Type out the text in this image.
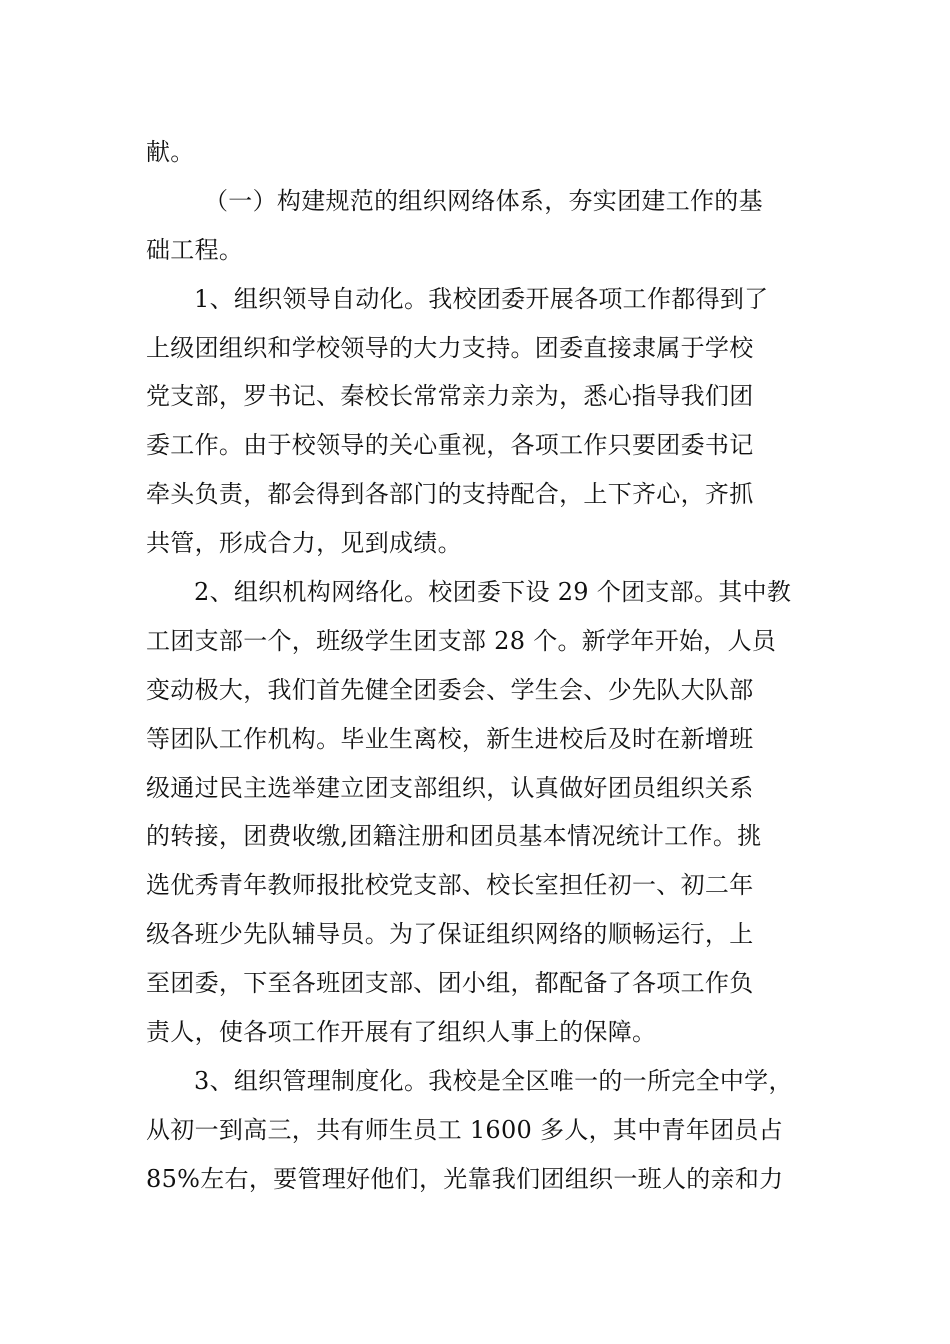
献。
（一）构建规范的组织网络体系，夯实团建工作的基
础工程。
1、组织领导自动化。我校团委开展各项工作都得到了
上级团组织和学校领导的大力支持。团委直接隶属于学校
党支部，罗书记、秦校长常常亲力亲为，悉心指导我们团
委工作。由于校领导的关心重视，各项工作只要团委书记
牵头负责，都会得到各部门的支持配合，上下齐心，齐抓
共管，形成合力，见到成绩。
2、组织机构网络化。校团委下设 29 个团支部。其中教
工团支部一个，班级学生团支部 28 个。新学年开始，人员
变动极大，我们首先健全团委会、学生会、少先队大队部
等团队工作机构。毕业生离校，新生进校后及时在新增班
级通过民主选举建立团支部组织，认真做好团员组织关系
的转接，团费收缴,团籍注册和团员基本情况统计工作。挑
选优秀青年教师报批校党支部、校长室担任初一、初二年
级各班少先队辅导员。为了保证组织网络的顺畅运行，上
至团委，下至各班团支部、团小组，都配备了各项工作负
责人，使各项工作开展有了组织人事上的保障。
3、组织管理制度化。我校是全区唯一的一所完全中学，
从初一到高三，共有师生员工 1600 多人，其中青年团员占
85%左右，要管理好他们，光靠我们团组织一班人的亲和力
